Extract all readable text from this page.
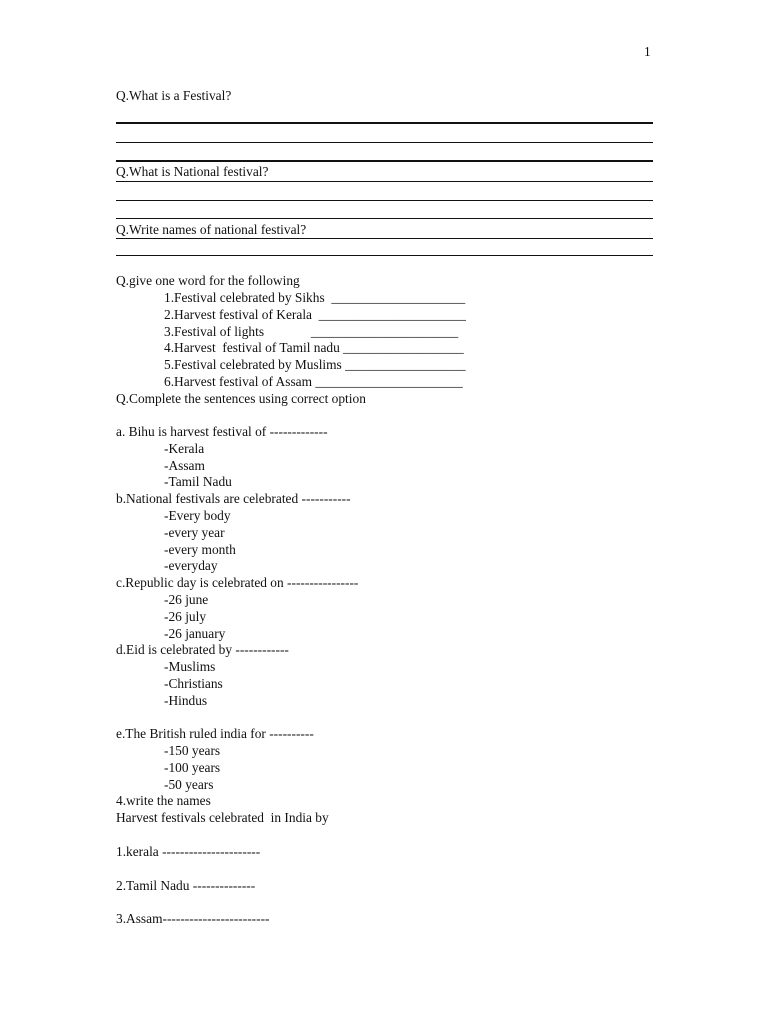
1
Q.What is a Festival?
Q.What is National festival?
Q.Write names of national festival?
Q.give one word for the following
1.Festival celebrated by Sikhs  ____________________
2.Harvest festival of Kerala  ______________________
3.Festival of lights              ______________________
4.Harvest  festival of Tamil nadu __________________
5.Festival celebrated by Muslims __________________
6.Harvest festival of Assam ______________________
Q.Complete the sentences using correct option
a. Bihu is harvest festival of -------------
-Kerala
-Assam
-Tamil Nadu
b.National festivals are celebrated -----------
-Every body
-every year
-every month
-everyday
c.Republic day is celebrated on ----------------
-26 june
-26 july
-26 january
d.Eid is celebrated by ------------
-Muslims
-Christians
-Hindus
e.The British ruled india for ----------
-150 years
-100 years
-50 years
4.write the names
Harvest festivals celebrated  in India by
1.kerala ----------------------
2.Tamil Nadu --------------
3.Assam------------------------
